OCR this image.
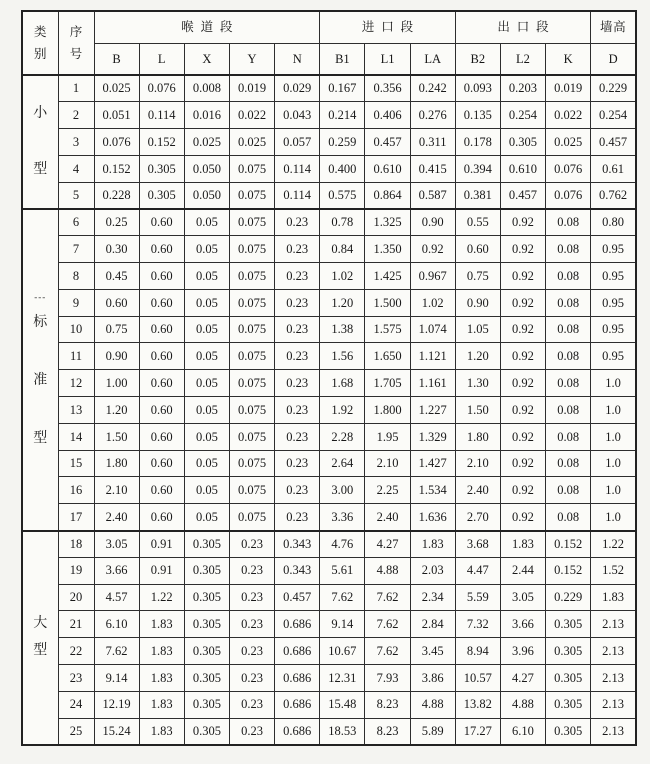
类
别	序
号	喉道段					进口段			出口段			墙高
		B	L	X	Y	N	B1	L1	LA	B2	L2	K	D

小
型	1	0.025	0.076	0.008	0.019	0.029	0.167	0.356	0.242	0.093	0.203	0.019	0.229
	2	0.051	0.114	0.016	0.022	0.043	0.214	0.406	0.276	0.135	0.254	0.022	0.254
	3	0.076	0.152	0.025	0.025	0.057	0.259	0.457	0.311	0.178	0.305	0.025	0.457
	4	0.152	0.305	0.050	0.075	0.114	0.400	0.610	0.415	0.394	0.610	0.076	0.61
	5	0.228	0.305	0.050	0.075	0.114	0.575	0.864	0.587	0.381	0.457	0.076	0.762

---
标
准
型	6	0.25	0.60	0.05	0.075	0.23	0.78	1.325	0.90	0.55	0.92	0.08	0.80
	7	0.30	0.60	0.05	0.075	0.23	0.84	1.350	0.92	0.60	0.92	0.08	0.95
	8	0.45	0.60	0.05	0.075	0.23	1.02	1.425	0.967	0.75	0.92	0.08	0.95
	9	0.60	0.60	0.05	0.075	0.23	1.20	1.500	1.02	0.90	0.92	0.08	0.95
	10	0.75	0.60	0.05	0.075	0.23	1.38	1.575	1.074	1.05	0.92	0.08	0.95
	11	0.90	0.60	0.05	0.075	0.23	1.56	1.650	1.121	1.20	0.92	0.08	0.95
	12	1.00	0.60	0.05	0.075	0.23	1.68	1.705	1.161	1.30	0.92	0.08	1.0
	13	1.20	0.60	0.05	0.075	0.23	1.92	1.800	1.227	1.50	0.92	0.08	1.0
	14	1.50	0.60	0.05	0.075	0.23	2.28	1.95	1.329	1.80	0.92	0.08	1.0
	15	1.80	0.60	0.05	0.075	0.23	2.64	2.10	1.427	2.10	0.92	0.08	1.0
	16	2.10	0.60	0.05	0.075	0.23	3.00	2.25	1.534	2.40	0.92	0.08	1.0
	17	2.40	0.60	0.05	0.075	0.23	3.36	2.40	1.636	2.70	0.92	0.08	1.0

大
型	18	3.05	0.91	0.305	0.23	0.343	4.76	4.27	1.83	3.68	1.83	0.152	1.22
	19	3.66	0.91	0.305	0.23	0.343	5.61	4.88	2.03	4.47	2.44	0.152	1.52
	20	4.57	1.22	0.305	0.23	0.457	7.62	7.62	2.34	5.59	3.05	0.229	1.83
	21	6.10	1.83	0.305	0.23	0.686	9.14	7.62	2.84	7.32	3.66	0.305	2.13
	22	7.62	1.83	0.305	0.23	0.686	10.67	7.62	3.45	8.94	3.96	0.305	2.13
	23	9.14	1.83	0.305	0.23	0.686	12.31	7.93	3.86	10.57	4.27	0.305	2.13
	24	12.19	1.83	0.305	0.23	0.686	15.48	8.23	4.88	13.82	4.88	0.305	2.13
	25	15.24	1.83	0.305	0.23	0.686	18.53	8.23	5.89	17.27	6.10	0.305	2.13
